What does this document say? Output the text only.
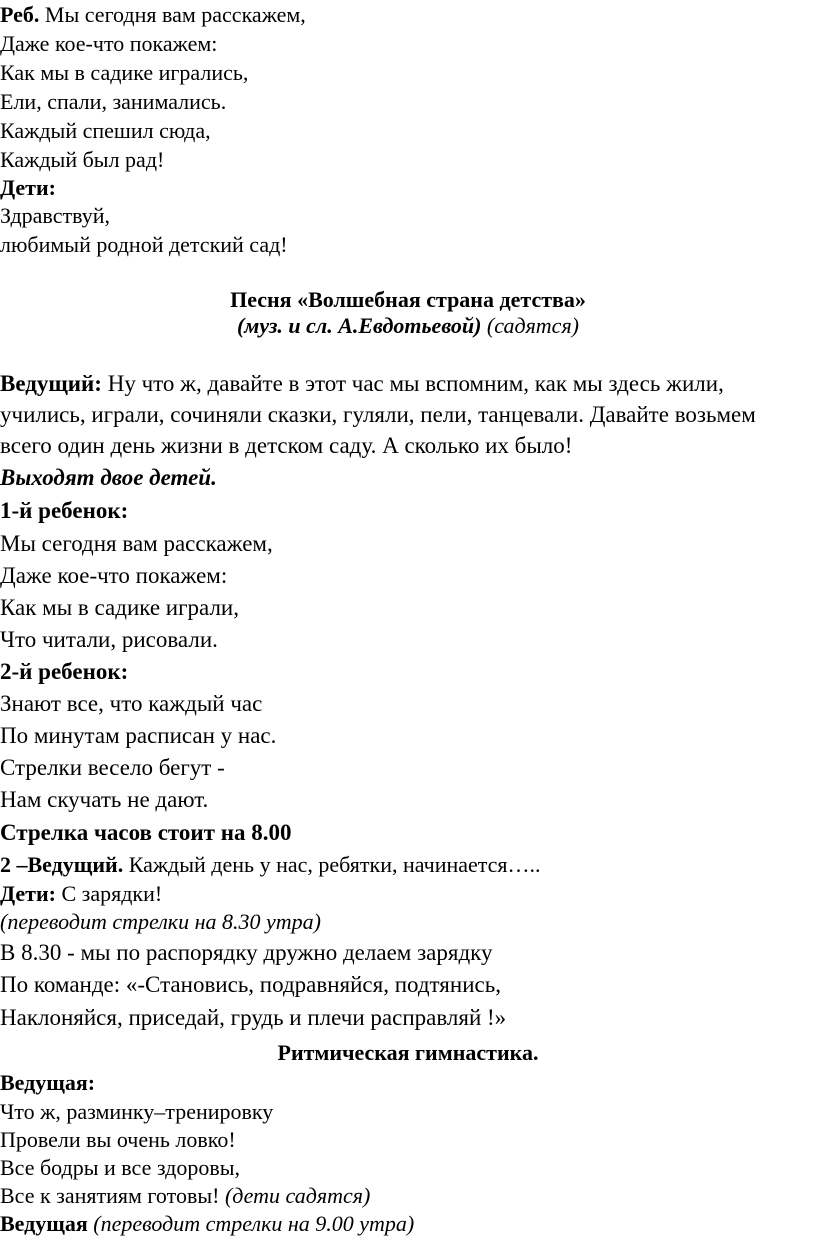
Реб. Мы сегодня вам расскажем,
Даже кое-что покажем:
Как мы в садике игрались,
Ели, спали, занимались.
Каждый спешил сюда,
Каждый был рад!
Дети:
Здравствуй,
любимый родной детский сад!
Песня «Волшебная страна детства»
(муз. и сл. А.Евдотьевой) (садятся)
Ведущий: Ну что ж, давайте в этот час мы вспомним, как мы здесь жили,
учились, играли, сочиняли сказки, гуляли, пели, танцевали. Давайте возьмем
всего один день жизни в детском саду. А сколько их было!
Выходят двое детей.
1-й ребенок:
Мы сегодня вам расскажем,
Даже кое-что покажем:
Как мы в садике играли,
Что читали, рисовали.
2-й ребенок:
Знают все, что каждый час
По минутам расписан у нас.
Стрелки весело бегут -
Нам скучать не дают.
Стрелка часов стоит на 8.00
2 –Ведущий. Каждый день у нас, ребятки, начинается…..
Дети: С зарядки!
(переводит стрелки на 8.30 утра)
В 8.30 - мы по распорядку дружно делаем зарядку
По команде: «-Становись, подравняйся, подтянись,
Наклоняйся, приседай, грудь и плечи расправляй !»
Ритмическая гимнастика.
Ведущая:
Что ж, разминку–тренировку
Провели вы очень ловко!
Все бодры и все здоровы,
Все к занятиям готовы! (дети садятся)
Ведущая (переводит стрелки на 9.00 утра)
